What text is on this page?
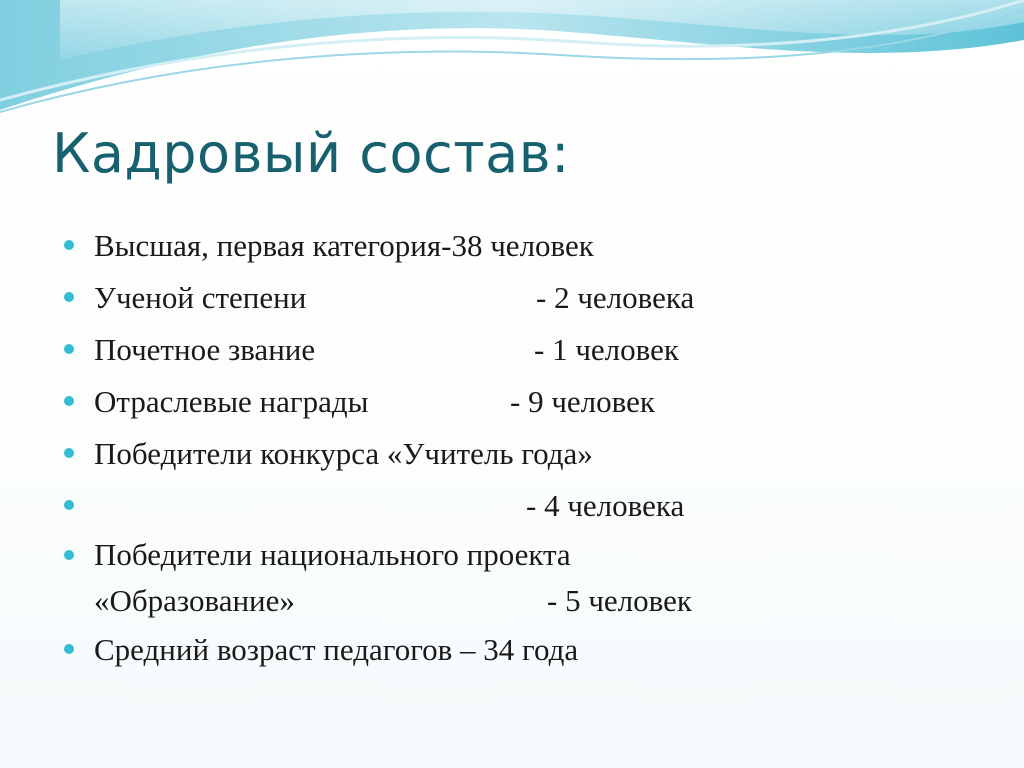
Кадровый состав:
Высшая, первая категория-38 человек
Ученой степени	- 2 человека
Почетное звание	- 1 человек
Отраслевые награды	- 9 человек
Победители конкурса «Учитель года»
- 4 человека
Победители национального проекта
«Образование»	- 5 человек
Средний возраст педагогов – 34 года
